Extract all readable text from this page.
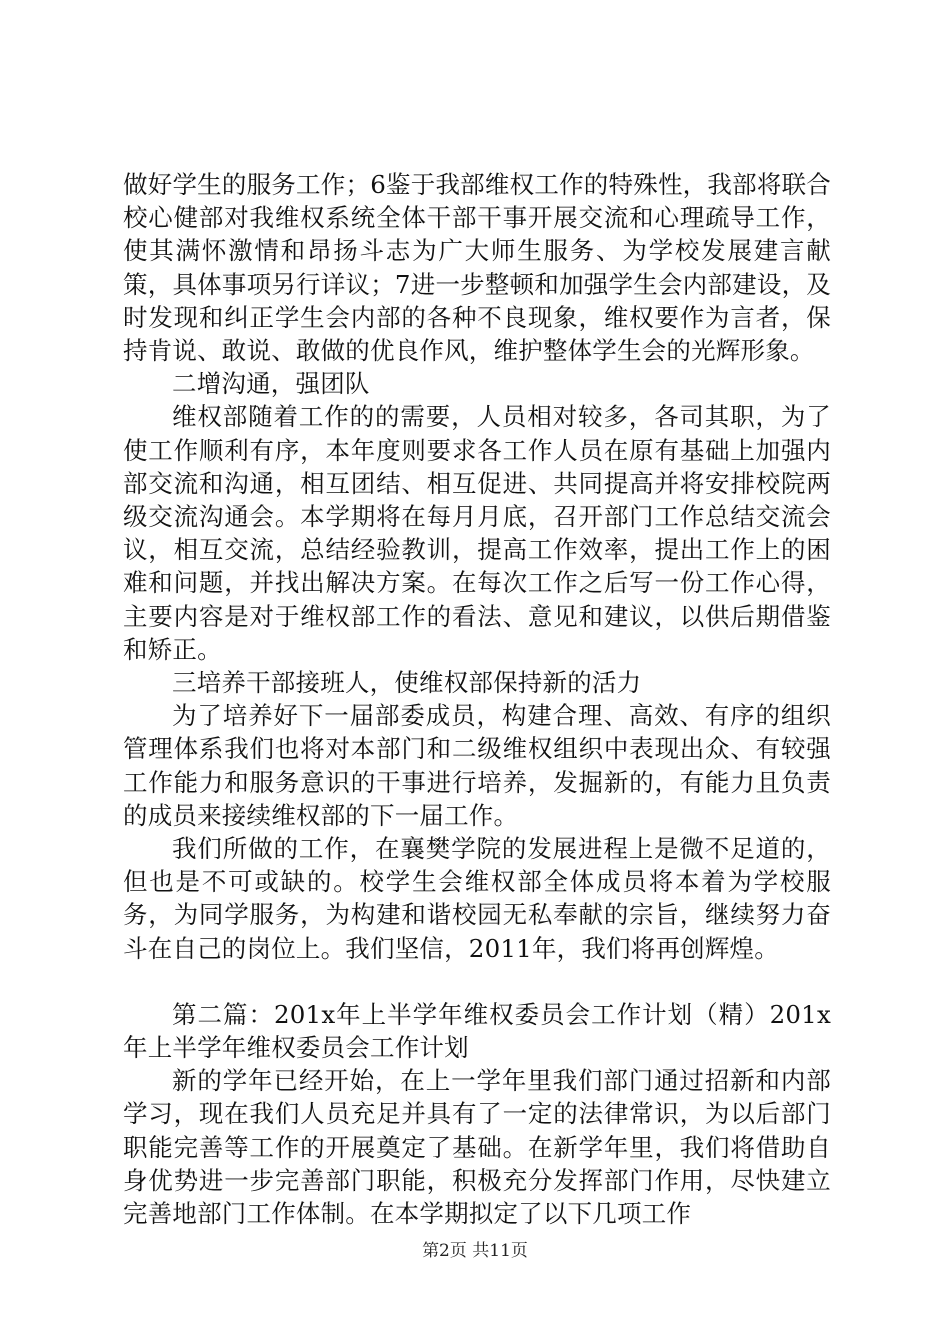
做好学生的服务工作；6鉴于我部维权工作的特殊性，我部将联合校心健部对我维权系统全体干部干事开展交流和心理疏导工作，使其满怀激情和昂扬斗志为广大师生服务、为学校发展建言献策，具体事项另行详议；7进一步整顿和加强学生会内部建设，及时发现和纠正学生会内部的各种不良现象，维权要作为言者，保持肯说、敢说、敢做的优良作风，维护整体学生会的光辉形象。

二增沟通，强团队

维权部随着工作的的需要，人员相对较多，各司其职，为了使工作顺利有序，本年度则要求各工作人员在原有基础上加强内部交流和沟通，相互团结、相互促进、共同提高并将安排校院两级交流沟通会。本学期将在每月月底，召开部门工作总结交流会议，相互交流，总结经验教训，提高工作效率，提出工作上的困难和问题，并找出解决方案。在每次工作之后写一份工作心得，主要内容是对于维权部工作的看法、意见和建议，以供后期借鉴和矫正。

三培养干部接班人，使维权部保持新的活力

为了培养好下一届部委成员，构建合理、高效、有序的组织管理体系我们也将对本部门和二级维权组织中表现出众、有较强工作能力和服务意识的干事进行培养，发掘新的，有能力且负责的成员来接续维权部的下一届工作。

我们所做的工作，在襄樊学院的发展进程上是微不足道的，但也是不可或缺的。校学生会维权部全体成员将本着为学校服务，为同学服务，为构建和谐校园无私奉献的宗旨，继续努力奋斗在自己的岗位上。我们坚信，2011年，我们将再创辉煌。

第二篇：201x年上半学年维权委员会工作计划（精）201x年上半学年维权委员会工作计划

新的学年已经开始，在上一学年里我们部门通过招新和内部学习，现在我们人员充足并具有了一定的法律常识，为以后部门职能完善等工作的开展奠定了基础。在新学年里，我们将借助自身优势进一步完善部门职能，积极充分发挥部门作用，尽快建立完善地部门工作体制。在本学期拟定了以下几项工作

第2页 共11页
